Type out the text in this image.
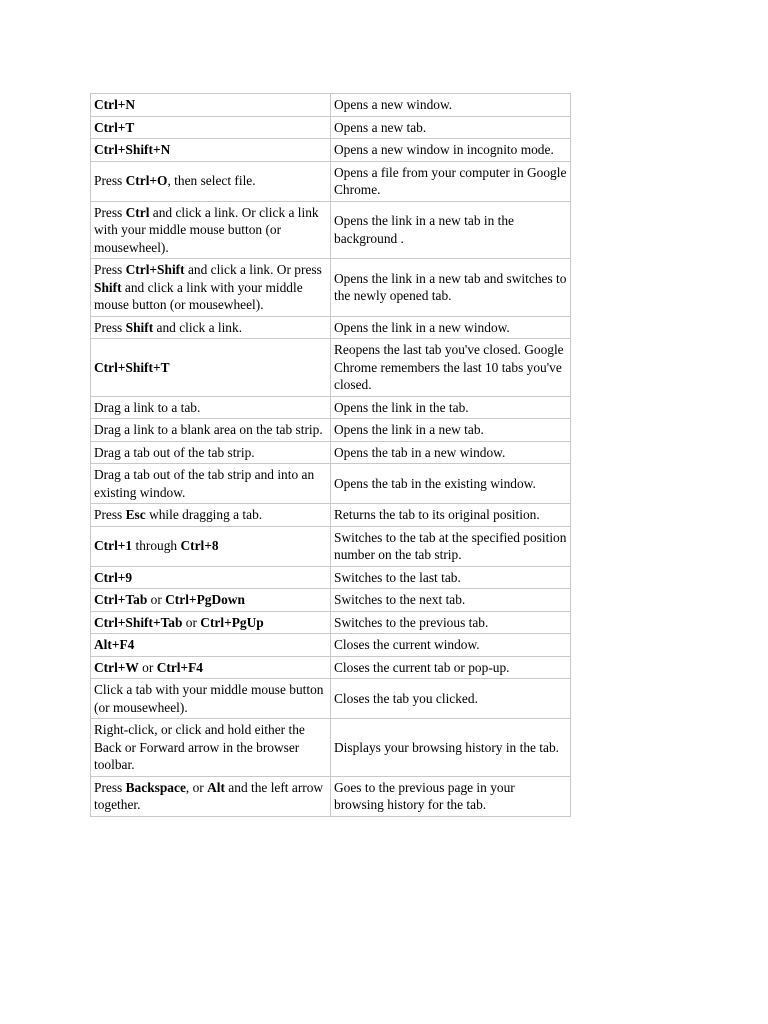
Ctrl+N	Opens a new window.
Ctrl+T	Opens a new tab.
Ctrl+Shift+N	Opens a new window in incognito mode.
Press Ctrl+O, then select file.	Opens a file from your computer in Google Chrome.
Press Ctrl and click a link. Or click a link with your middle mouse button (or mousewheel).	Opens the link in a new tab in the background .
Press Ctrl+Shift and click a link. Or press Shift and click a link with your middle mouse button (or mousewheel).	Opens the link in a new tab and switches to the newly opened tab.
Press Shift and click a link.	Opens the link in a new window.
Ctrl+Shift+T	Reopens the last tab you've closed. Google Chrome remembers the last 10 tabs you've closed.
Drag a link to a tab.	Opens the link in the tab.
Drag a link to a blank area on the tab strip.	Opens the link in a new tab.
Drag a tab out of the tab strip.	Opens the tab in a new window.
Drag a tab out of the tab strip and into an existing window.	Opens the tab in the existing window.
Press Esc while dragging a tab.	Returns the tab to its original position.
Ctrl+1 through Ctrl+8	Switches to the tab at the specified position number on the tab strip.
Ctrl+9	Switches to the last tab.
Ctrl+Tab or Ctrl+PgDown	Switches to the next tab.
Ctrl+Shift+Tab or Ctrl+PgUp	Switches to the previous tab.
Alt+F4	Closes the current window.
Ctrl+W or Ctrl+F4	Closes the current tab or pop-up.
Click a tab with your middle mouse button (or mousewheel).	Closes the tab you clicked.
Right-click, or click and hold either the Back or Forward arrow in the browser toolbar.	Displays your browsing history in the tab.
Press Backspace, or Alt and the left arrow together.	Goes to the previous page in your browsing history for the tab.
